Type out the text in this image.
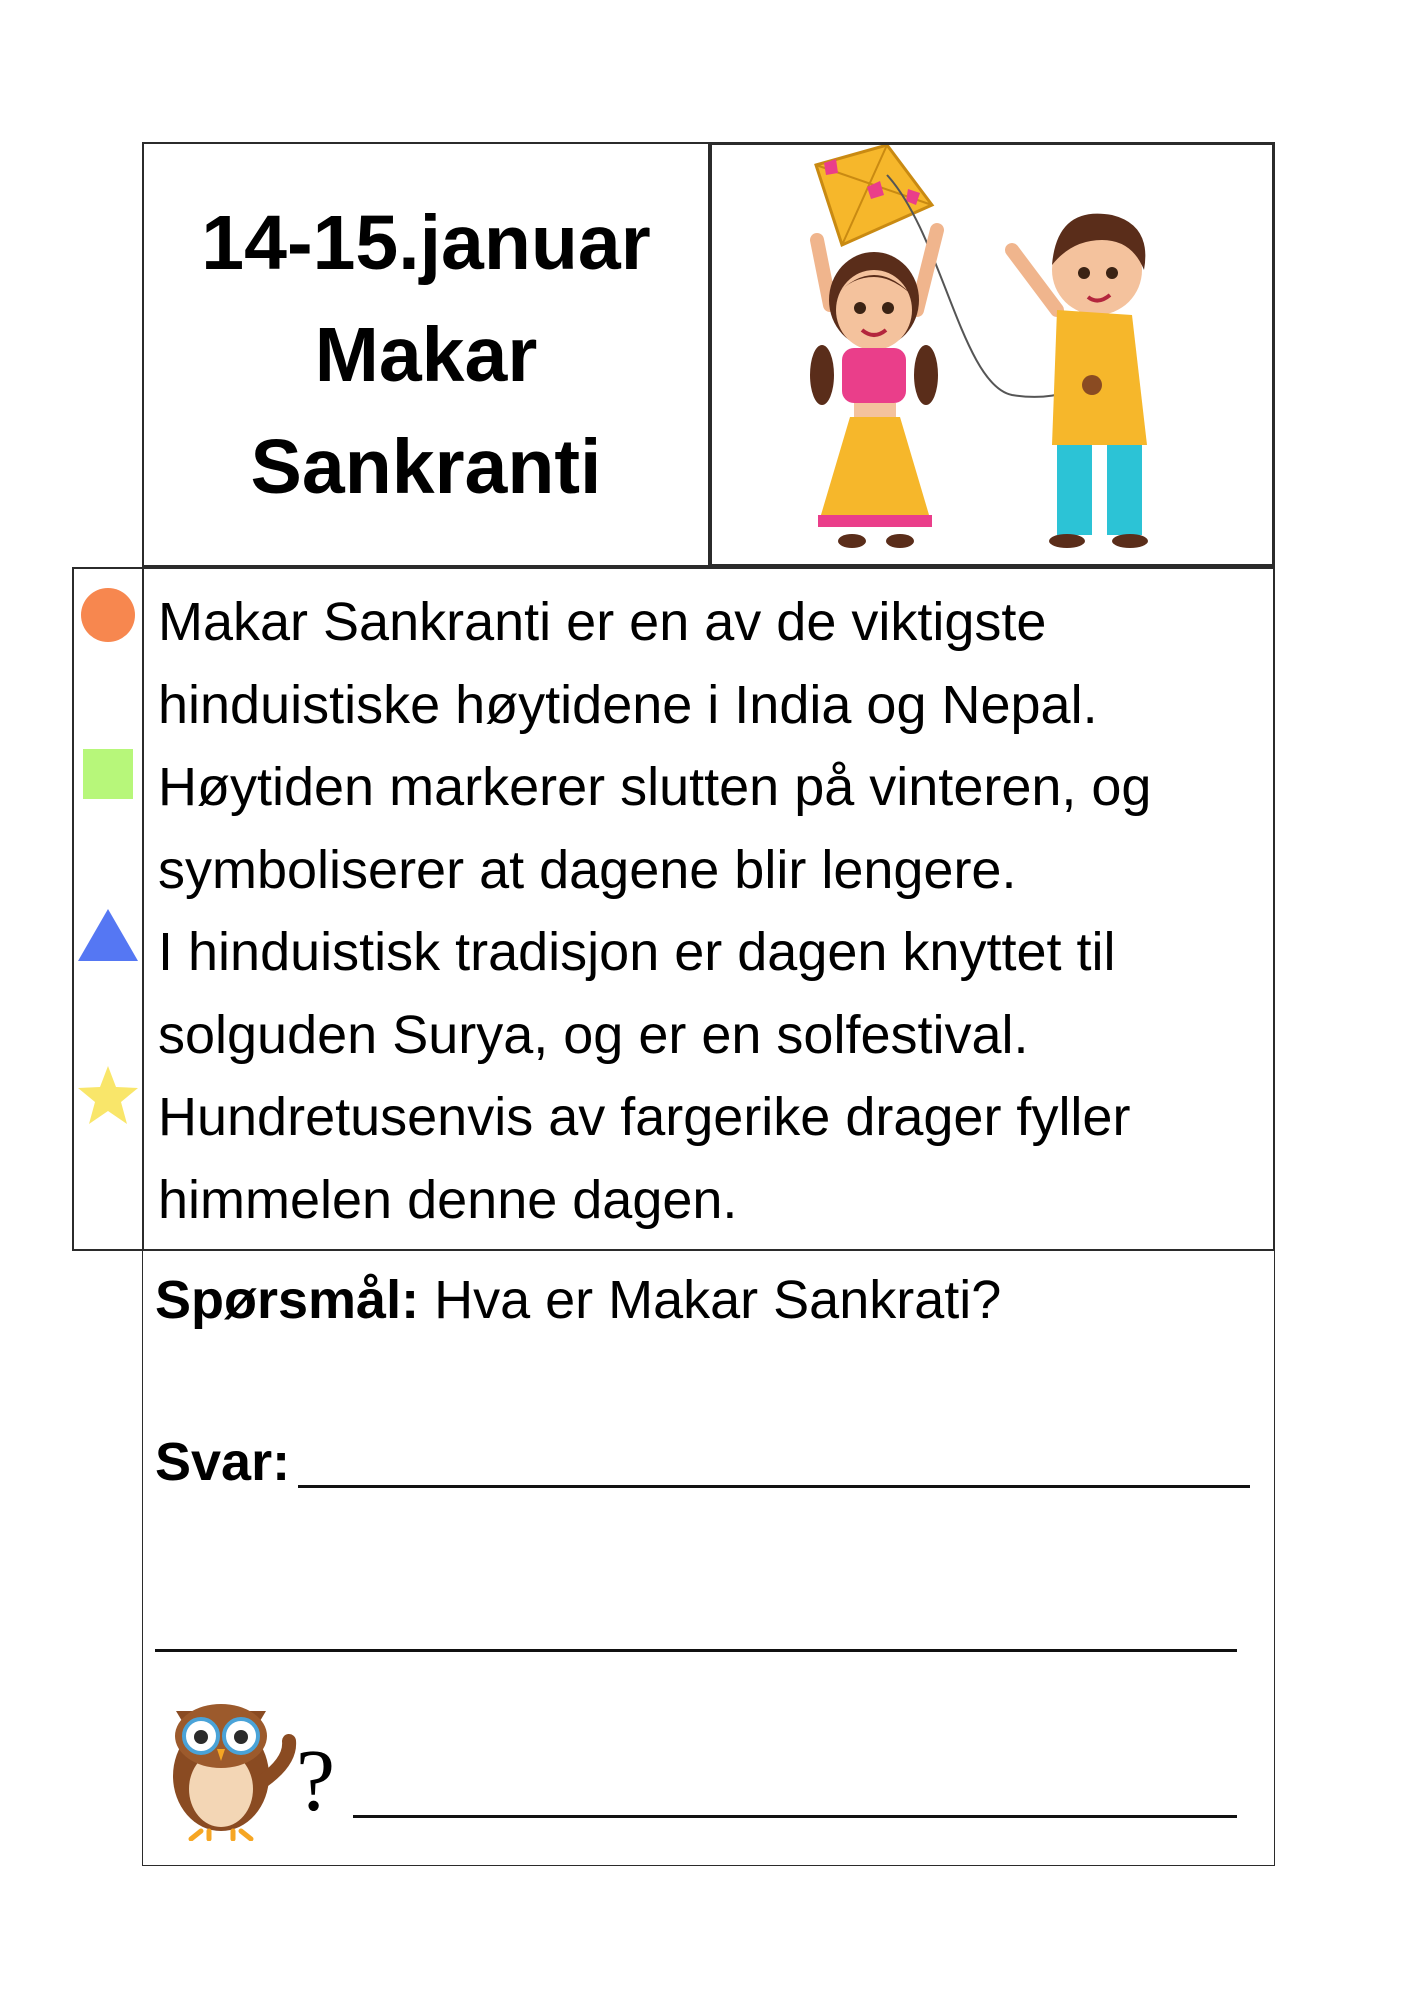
14-15.januar
Makar
Sankranti
Makar Sankranti er en av de viktigste
hinduistiske høytidene i India og Nepal.
Høytiden markerer slutten på vinteren, og
symboliserer at dagene blir lengere.
I hinduistisk tradisjon er dagen knyttet til
solguden Surya, og er en solfestival.
Hundretusenvis av fargerike drager fyller
himmelen denne dagen.
Spørsmål: Hva er Makar Sankrati?
Svar:
?
